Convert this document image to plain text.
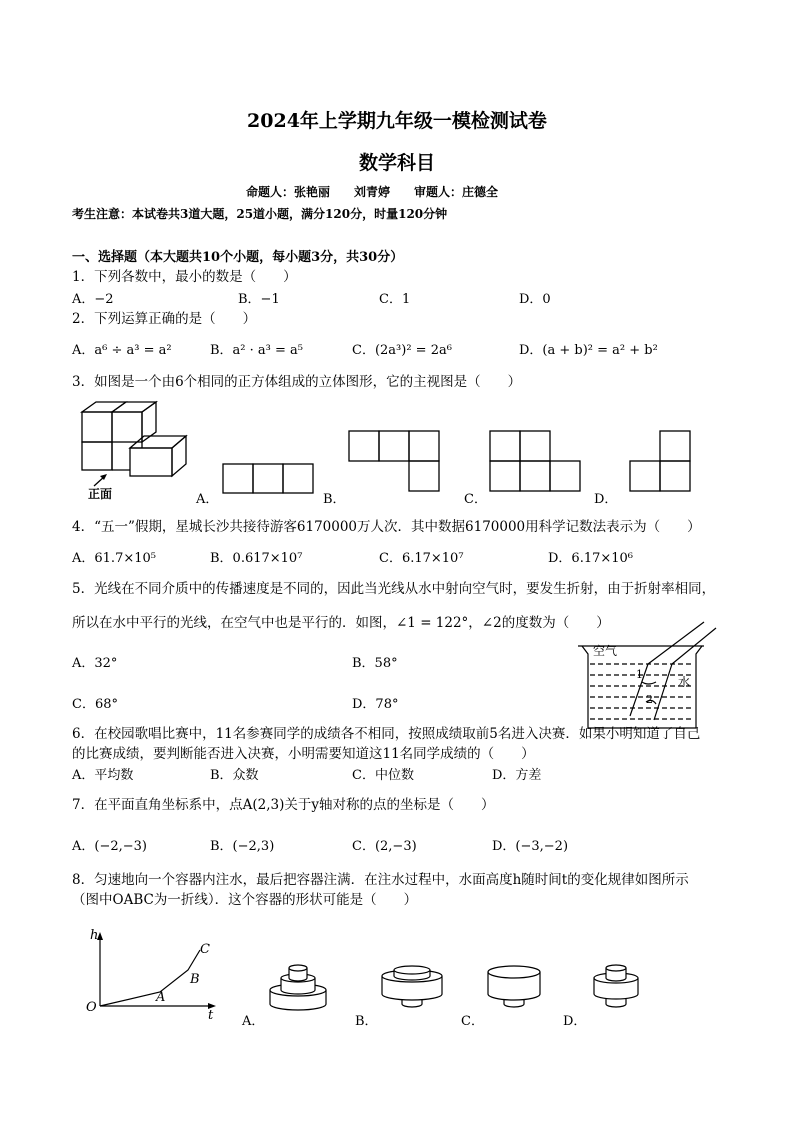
2024年上学期九年级一模检测试卷
数学科目
命题人：张艳丽　　刘青婷　　审题人：庄德全
考生注意：本试卷共3道大题，25道小题，满分120分，时量120分钟
一、选择题（本大题共10个小题，每小题3分，共30分）
1．下列各数中，最小的数是（　　）
A．−2	B．−1	C．1	D．0
2．下列运算正确的是（　　）
A．a⁶ ÷ a³ = a²	B．a² · a³ = a⁵	C．(2a³)² = 2a⁶	D．(a + b)² = a² + b²
3．如图是一个由6个相同的正方体组成的立体图形，它的主视图是（　　）
正面	A．	B．	C．	D．
4．“五一”假期，星城长沙共接待游客6170000万人次．其中数据6170000用科学记数法表示为（　　）
A．61.7×10⁵	B．0.617×10⁷	C．6.17×10⁷	D．6.17×10⁶
5．光线在不同介质中的传播速度是不同的，因此当光线从水中射向空气时，要发生折射，由于折射率相同，
所以在水中平行的光线，在空气中也是平行的．如图，∠1 = 122°，∠2的度数为（　　）
A．32°	B．58°
C．68°	D．78°
空气
水
1
2
6．在校园歌唱比赛中，11名参赛同学的成绩各不相同，按照成绩取前5名进入决赛．如果小明知道了自己
的比赛成绩，要判断能否进入决赛，小明需要知道这11名同学成绩的（　　）
A．平均数	B．众数	C．中位数	D．方差
7．在平面直角坐标系中，点A(2,3)关于y轴对称的点的坐标是（　　）
A．(−2,−3)	B．(−2,3)	C．(2,−3)	D．(−3,−2)
8．匀速地向一个容器内注水，最后把容器注满．在注水过程中，水面高度h随时间t的变化规律如图所示
（图中OABC为一折线）．这个容器的形状可能是（　　）
h
t
O
A
B
C
A．	B．	C．	D．
